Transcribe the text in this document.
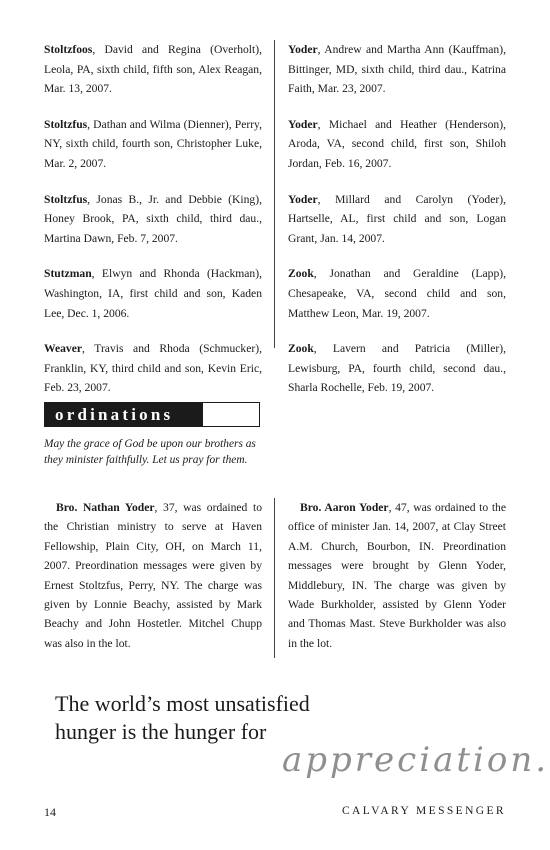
Stoltzfoos, David and Regina (Overholt), Leola, PA, sixth child, fifth son, Alex Reagan, Mar. 13, 2007.

Stoltzfus, Dathan and Wilma (Dienner), Perry, NY, sixth child, fourth son, Christopher Luke, Mar. 2, 2007.

Stoltzfus, Jonas B., Jr. and Debbie (King), Honey Brook, PA, sixth child, third dau., Martina Dawn, Feb. 7, 2007.

Stutzman, Elwyn and Rhonda (Hackman), Washington, IA, first child and son, Kaden Lee, Dec. 1, 2006.

Weaver, Travis and Rhoda (Schmucker), Franklin, KY, third child and son, Kevin Eric, Feb. 23, 2007.

Yoder, Andrew and Martha Ann (Kauffman), Bittinger, MD, sixth child, third dau., Katrina Faith, Mar. 23, 2007.

Yoder, Michael and Heather (Henderson), Aroda, VA, second child, first son, Shiloh Jordan, Feb. 16, 2007.

Yoder, Millard and Carolyn (Yoder), Hartselle, AL, first child and son, Logan Grant, Jan. 14, 2007.

Zook, Jonathan and Geraldine (Lapp), Chesapeake, VA, second child and son, Matthew Leon, Mar. 19, 2007.

Zook, Lavern and Patricia (Miller), Lewisburg, PA, fourth child, second dau., Sharla Rochelle, Feb. 19, 2007.

ordinations
May the grace of God be upon our brothers as they minister faithfully. Let us pray for them.

Bro. Nathan Yoder, 37, was ordained to the Christian ministry to serve at Haven Fellowship, Plain City, OH, on March 11, 2007. Preordination messages were given by Ernest Stoltzfus, Perry, NY. The charge was given by Lonnie Beachy, assisted by Mark Beachy and John Hostetler. Mitchel Chupp was also in the lot.

Bro. Aaron Yoder, 47, was ordained to the office of minister Jan. 14, 2007, at Clay Street A.M. Church, Bourbon, IN. Preordination messages were brought by Glenn Yoder, Middlebury, IN. The charge was given by Wade Burkholder, assisted by Glenn Yoder and Thomas Mast. Steve Burkholder was also in the lot.

The world’s most unsatisfied
hunger is the hunger for
appreciation.
14	CALVARY MESSENGER
